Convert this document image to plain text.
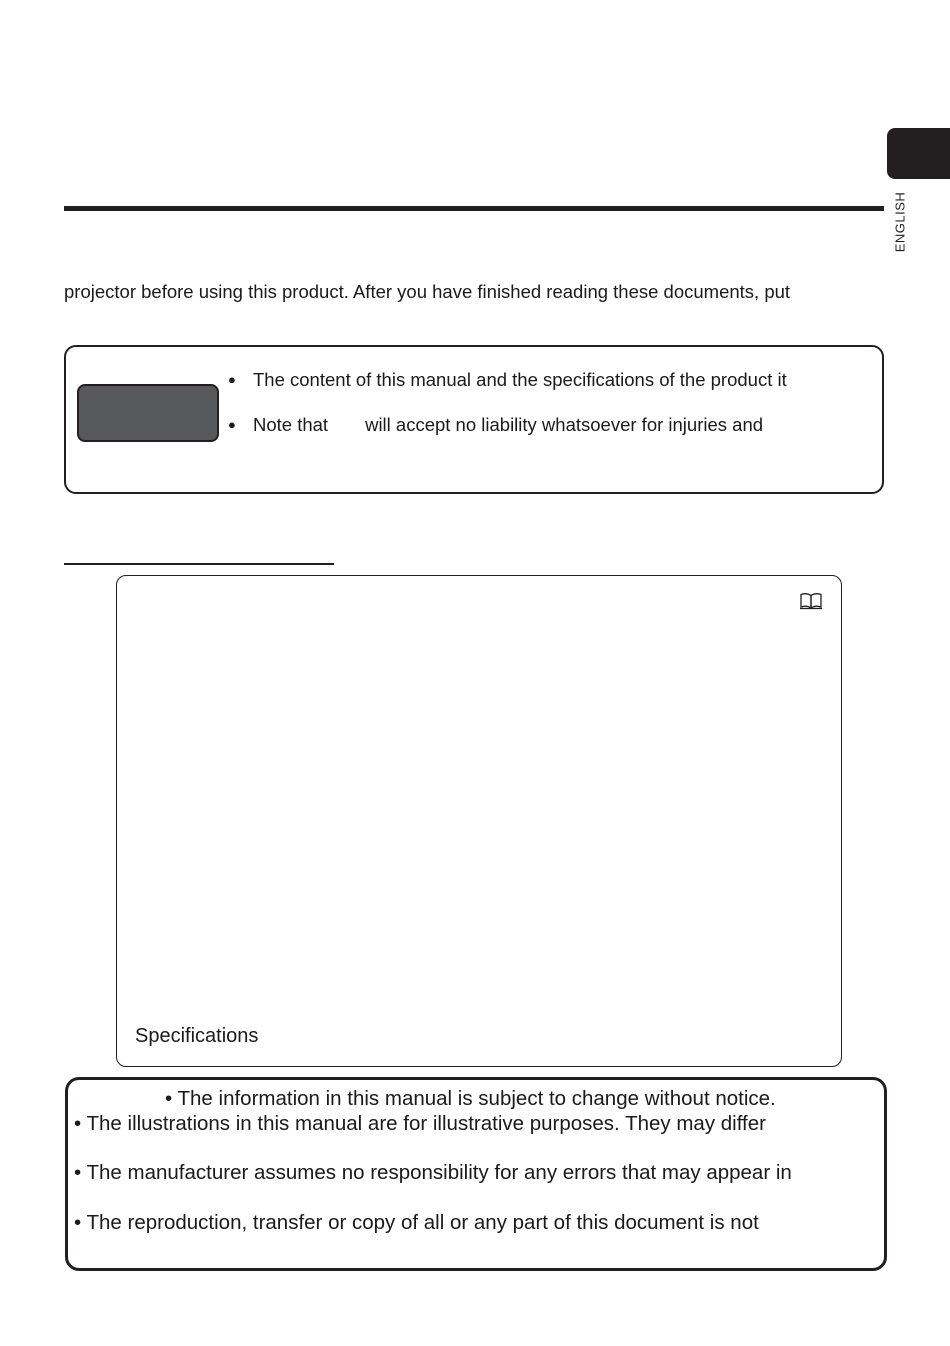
ENGLISH
projector before using this product. After you have finished reading these documents, put
● The content of this manual and the specifications of the product it
● Note that will accept no liability whatsoever for injuries and
Specifications
• The information in this manual is subject to change without notice.
• The illustrations in this manual are for illustrative purposes. They may differ
• The manufacturer assumes no responsibility for any errors that may appear in
• The reproduction, transfer or copy of all or any part of this document is not
